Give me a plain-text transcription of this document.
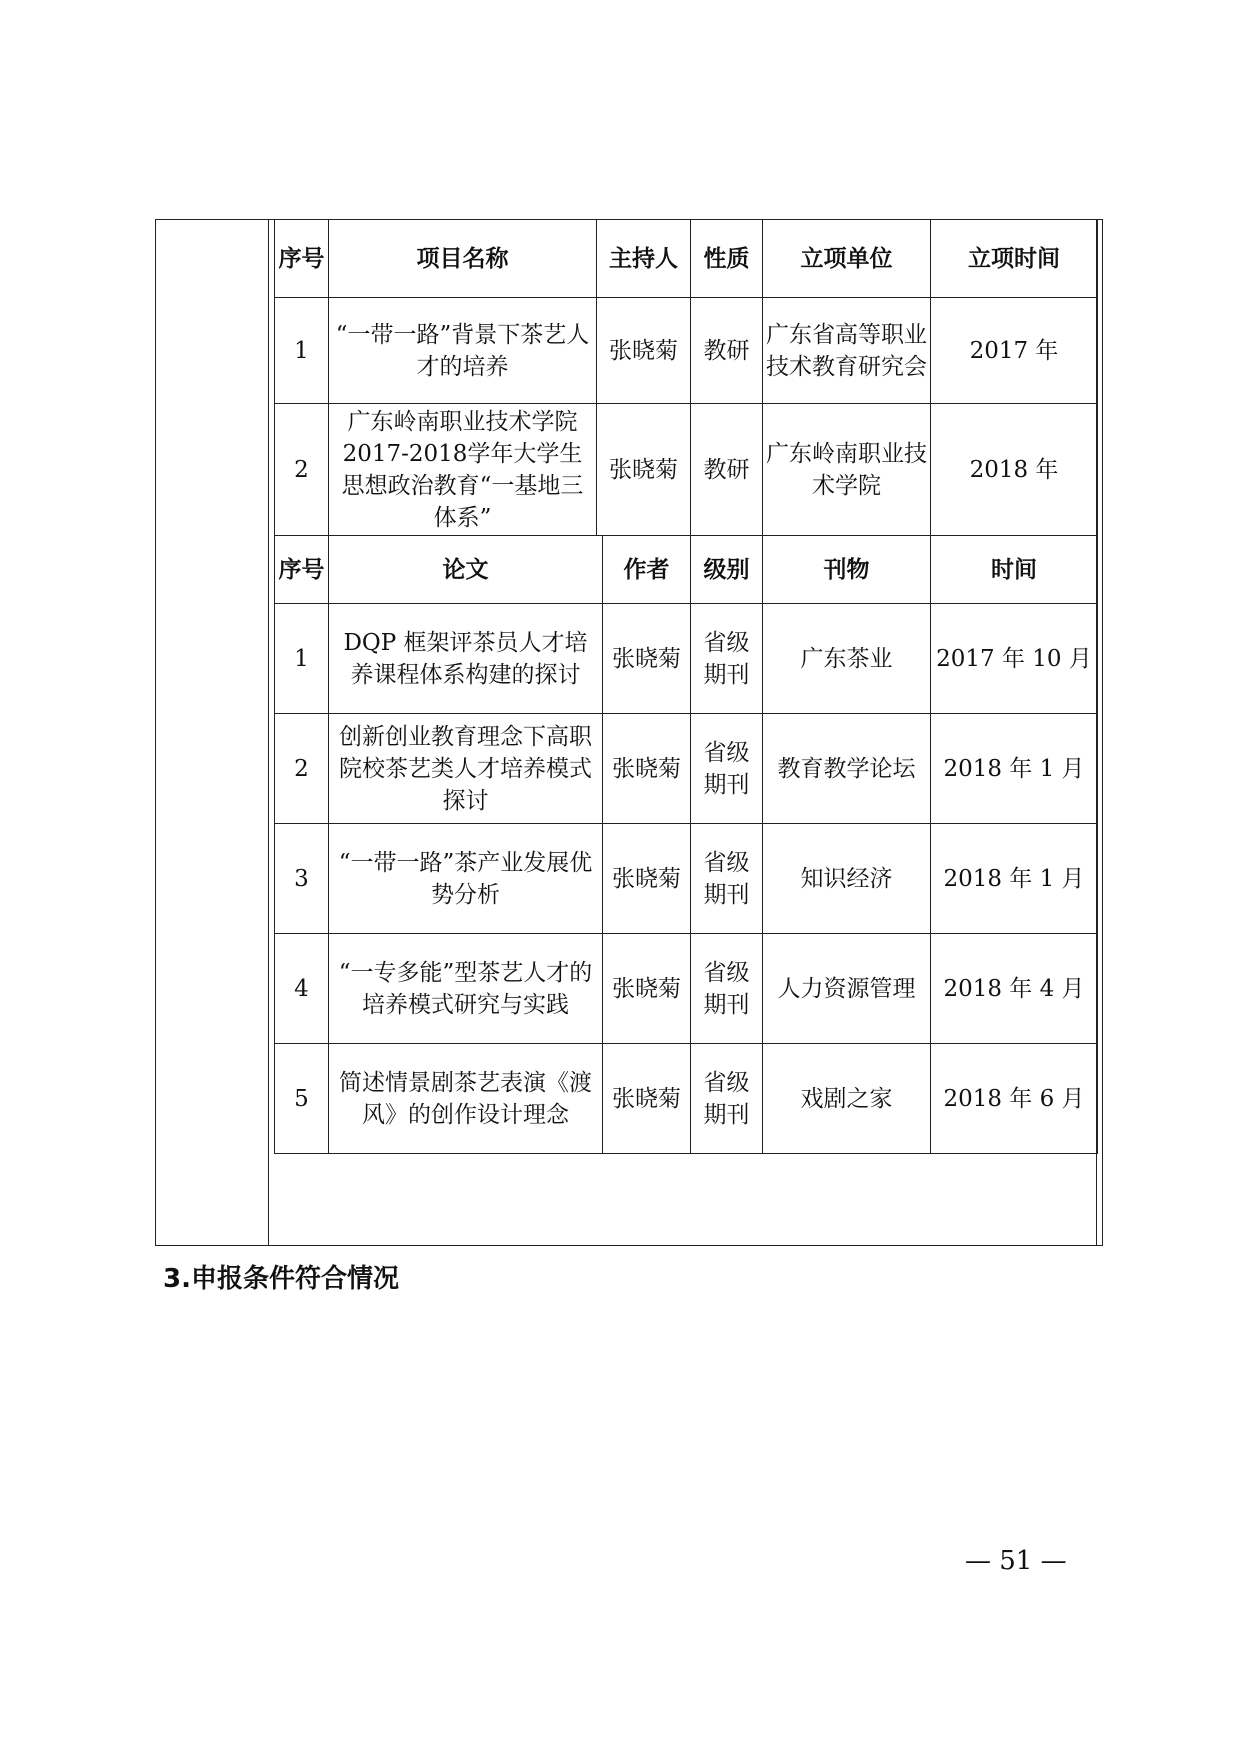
序号	项目名称	主持人	性质	立项单位	立项时间
1	“一带一路”背景下茶艺人才的培养	张晓菊	教研	广东省高等职业技术教育研究会	2017 年
2	广东岭南职业技术学院2017-2018学年大学生思想政治教育“一基地三体系”	张晓菊	教研	广东岭南职业技术学院	2018 年
序号	论文	作者	级别	刊物	时间
1	DQP 框架评茶员人才培养课程体系构建的探讨	张晓菊	省级期刊	广东茶业	2017 年 10 月
2	创新创业教育理念下高职院校茶艺类人才培养模式探讨	张晓菊	省级期刊	教育教学论坛	2018 年 1 月
3	“一带一路”茶产业发展优势分析	张晓菊	省级期刊	知识经济	2018 年 1 月
4	“一专多能”型茶艺人才的培养模式研究与实践	张晓菊	省级期刊	人力资源管理	2018 年 4 月
5	简述情景剧茶艺表演《渡风》的创作设计理念	张晓菊	省级期刊	戏剧之家	2018 年 6 月
3.申报条件符合情况
— 51 —
